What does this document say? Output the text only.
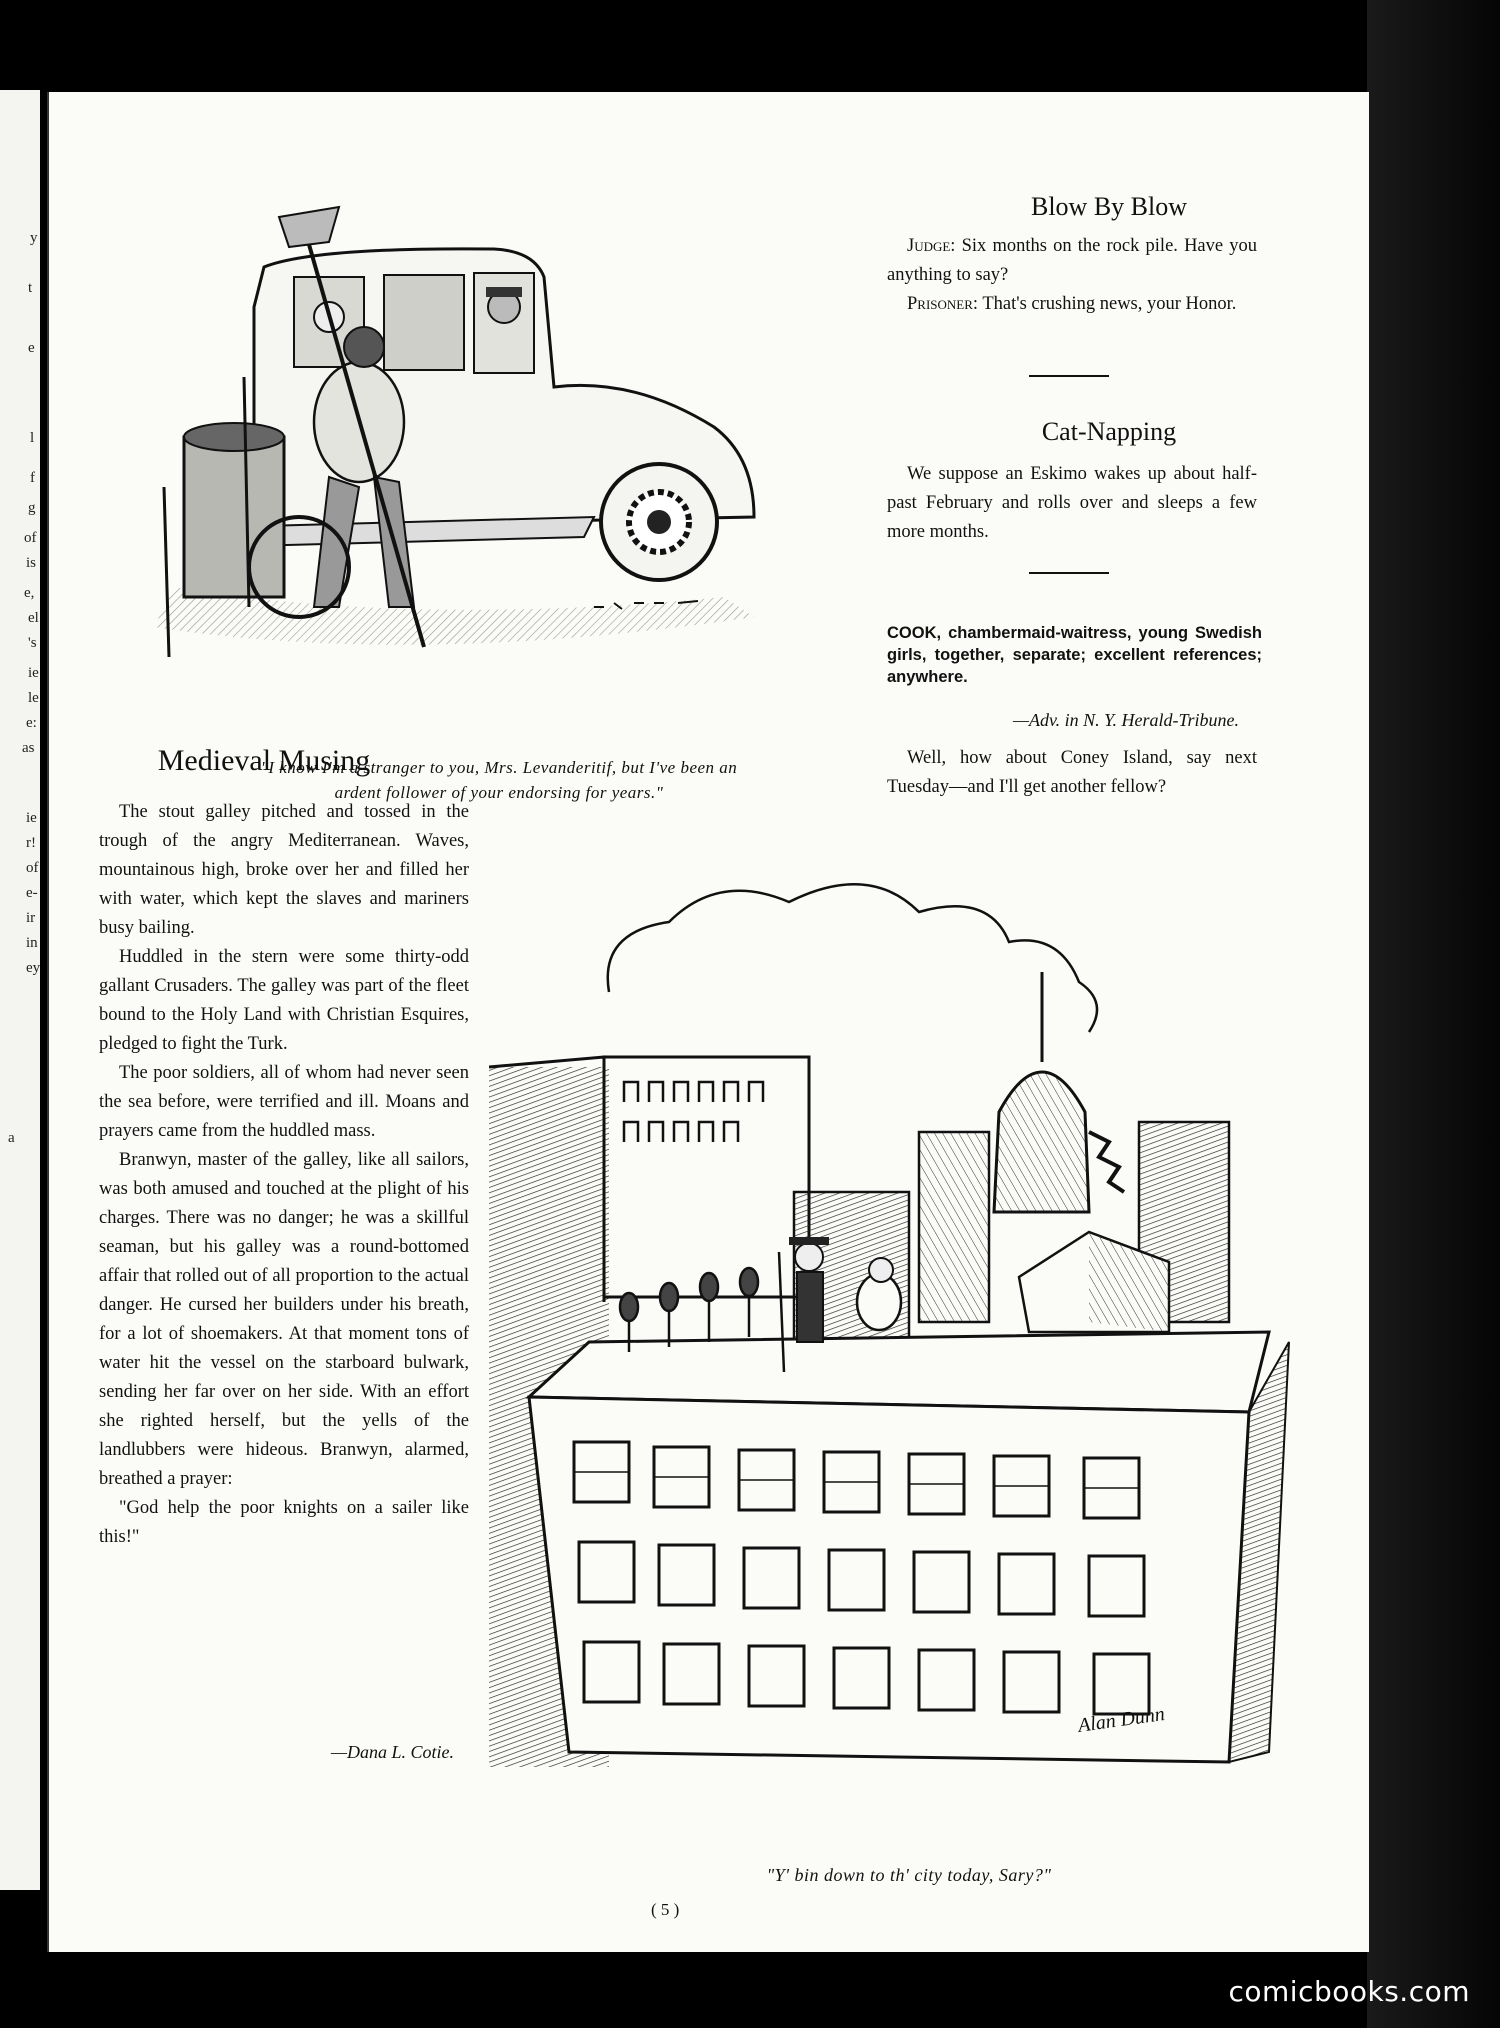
y
t
e
l
f
g
of
is
e,
el
's
ie
le
e:
as
ie
r!
of
e-
ir
in
ey
a
"I know I'm a stranger to you, Mrs. Levanderitif, but I've been an
ardent follower of your endorsing for years."
Blow By Blow

Judge: Six months on the rock pile. Have you anything to say?

Prisoner: That's crushing news, your Honor.

Cat-Napping

We suppose an Eskimo wakes up about half-past February and rolls over and sleeps a few more months.

COOK, chambermaid-waitress, young Swedish girls, together, separate; excellent references; anywhere.
—Adv. in N. Y. Herald-Tribune.

Well, how about Coney Island, say next Tuesday—and I'll get another fellow?

Medieval Musing

The stout galley pitched and tossed in the trough of the angry Mediterranean. Waves, mountainous high, broke over her and filled her with water, which kept the slaves and mariners busy bailing.

Huddled in the stern were some thirty-odd gallant Crusaders. The galley was part of the fleet bound to the Holy Land with Christian Esquires, pledged to fight the Turk.

The poor soldiers, all of whom had never seen the sea before, were terrified and ill. Moans and prayers came from the huddled mass.

Branwyn, master of the galley, like all sailors, was both amused and touched at the plight of his charges. There was no danger; he was a skillful seaman, but his galley was a round-bottomed affair that rolled out of all proportion to the actual danger. He cursed her builders under his breath, for a lot of shoemakers. At that moment tons of water hit the vessel on the starboard bulwark, sending her far over on her side. With an effort she righted herself, but the yells of the landlubbers were hideous. Branwyn, alarmed, breathed a prayer:

"God help the poor knights on a sailer like this!"

—Dana L. Cotie.
Alan Dunn
"Y' bin down to th' city today, Sary?"
( 5 )
comicbooks.com
